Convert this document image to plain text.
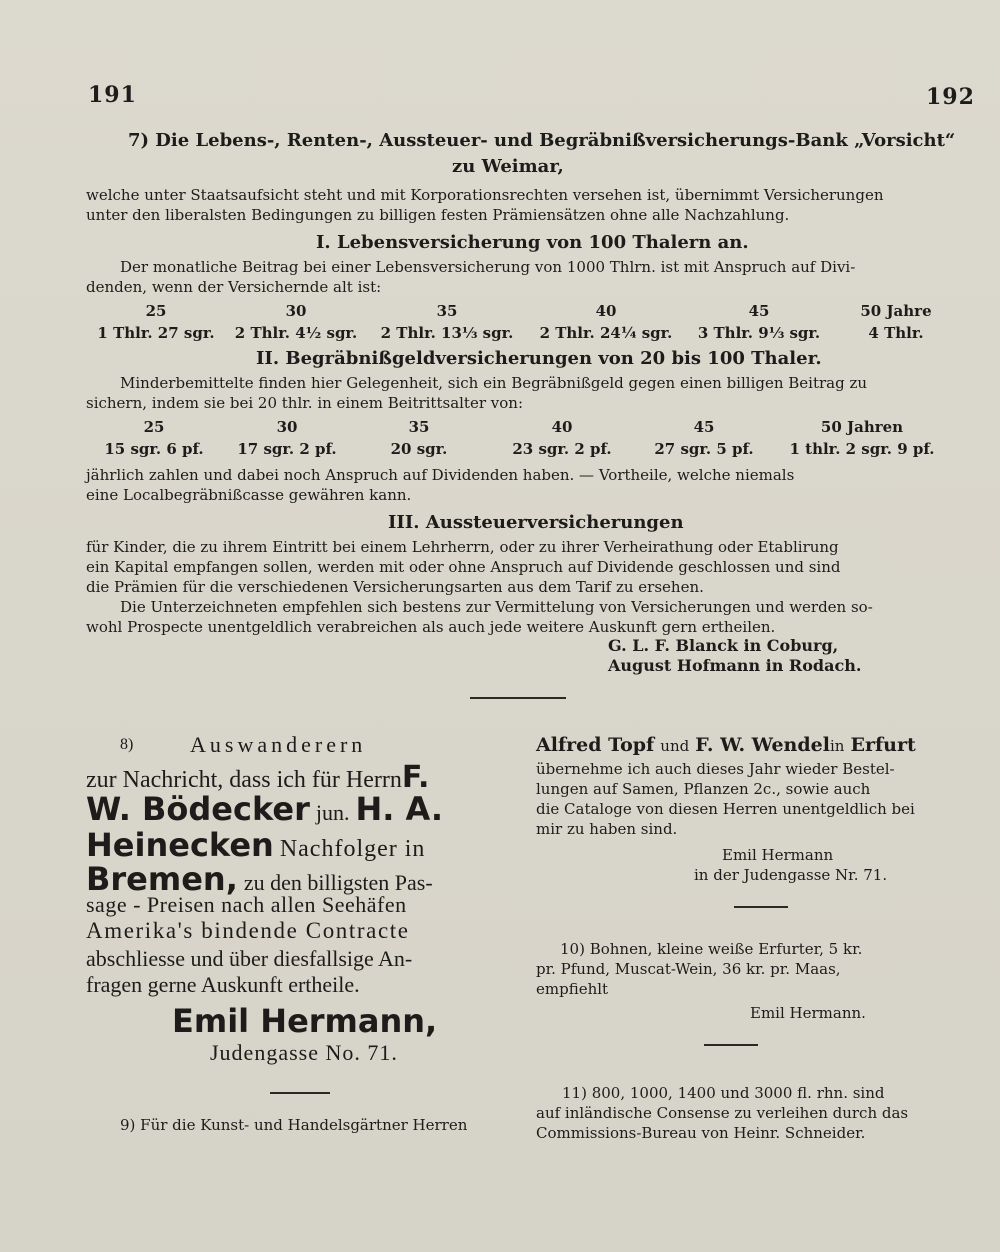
191	192
7) Die Lebens-, Renten-, Aussteuer- und Begräbnißversicherungs-Bank „Vorsicht“
zu Weimar,
welche unter Staatsaufsicht steht und mit Korporationsrechten versehen ist, übernimmt Versicherungen
unter den liberalsten Bedingungen zu billigen festen Prämiensätzen ohne alle Nachzahlung.
I. Lebensversicherung von 100 Thalern an.
Der monatliche Beitrag bei einer Lebensversicherung von 1000 Thlrn. ist mit Anspruch auf Divi-
denden, wenn der Versichernde alt ist:
25
1 Thlr. 27 sgr.
30
2 Thlr. 4½ sgr.
35
2 Thlr. 13⅓ sgr.
40
2 Thlr. 24¼ sgr.
45
3 Thlr. 9⅓ sgr.
50 Jahre
4 Thlr.
II. Begräbnißgeldversicherungen von 20 bis 100 Thaler.
Minderbemittelte finden hier Gelegenheit, sich ein Begräbnißgeld gegen einen billigen Beitrag zu
sichern, indem sie bei 20 thlr. in einem Beitrittsalter von:
25
15 sgr. 6 pf.
30
17 sgr. 2 pf.
35
20 sgr.
40
23 sgr. 2 pf.
45
27 sgr. 5 pf.
50 Jahren
1 thlr. 2 sgr. 9 pf.
jährlich zahlen und dabei noch Anspruch auf Dividenden haben. — Vortheile, welche niemals
eine Localbegräbnißcasse gewähren kann.
III. Aussteuerversicherungen
für Kinder, die zu ihrem Eintritt bei einem Lehrherrn, oder zu ihrer Verheirathung oder Etablirung
ein Kapital empfangen sollen, werden mit oder ohne Anspruch auf Dividende geschlossen und sind
die Prämien für die verschiedenen Versicherungsarten aus dem Tarif zu ersehen.
Die Unterzeichneten empfehlen sich bestens zur Vermittelung von Versicherungen und werden so-
wohl Prospecte unentgeldlich verabreichen als auch jede weitere Auskunft gern ertheilen.
G. L. F. Blanck in Coburg,
August Hofmann in Rodach.
8)	Auswanderern
zur Nachricht, dass ich für HerrnF.
W. Bödecker jun. H. A.
Heinecken Nachfolger in
Bremen, zu den billigsten Pas-
sage - Preisen nach allen Seehäfen
Amerika's bindende Contracte
abschliesse und über diesfallsige An-
fragen gerne Auskunft ertheile.
Emil Hermann,
Judengasse No. 71.
9) Für die Kunst- und Handelsgärtner Herren
Alfred Topf und F. W. Wendelin Erfurt
übernehme ich auch dieses Jahr wieder Bestel-
lungen auf Samen, Pflanzen 2c., sowie auch
die Cataloge von diesen Herren unentgeldlich bei
mir zu haben sind.
Emil Hermann
in der Judengasse Nr. 71.
10) Bohnen, kleine weiße Erfurter, 5 kr.
pr. Pfund, Muscat-Wein, 36 kr. pr. Maas,
empfiehlt
Emil Hermann.
11) 800, 1000, 1400 und 3000 fl. rhn. sind
auf inländische Consense zu verleihen durch das
Commissions-Bureau von Heinr. Schneider.
